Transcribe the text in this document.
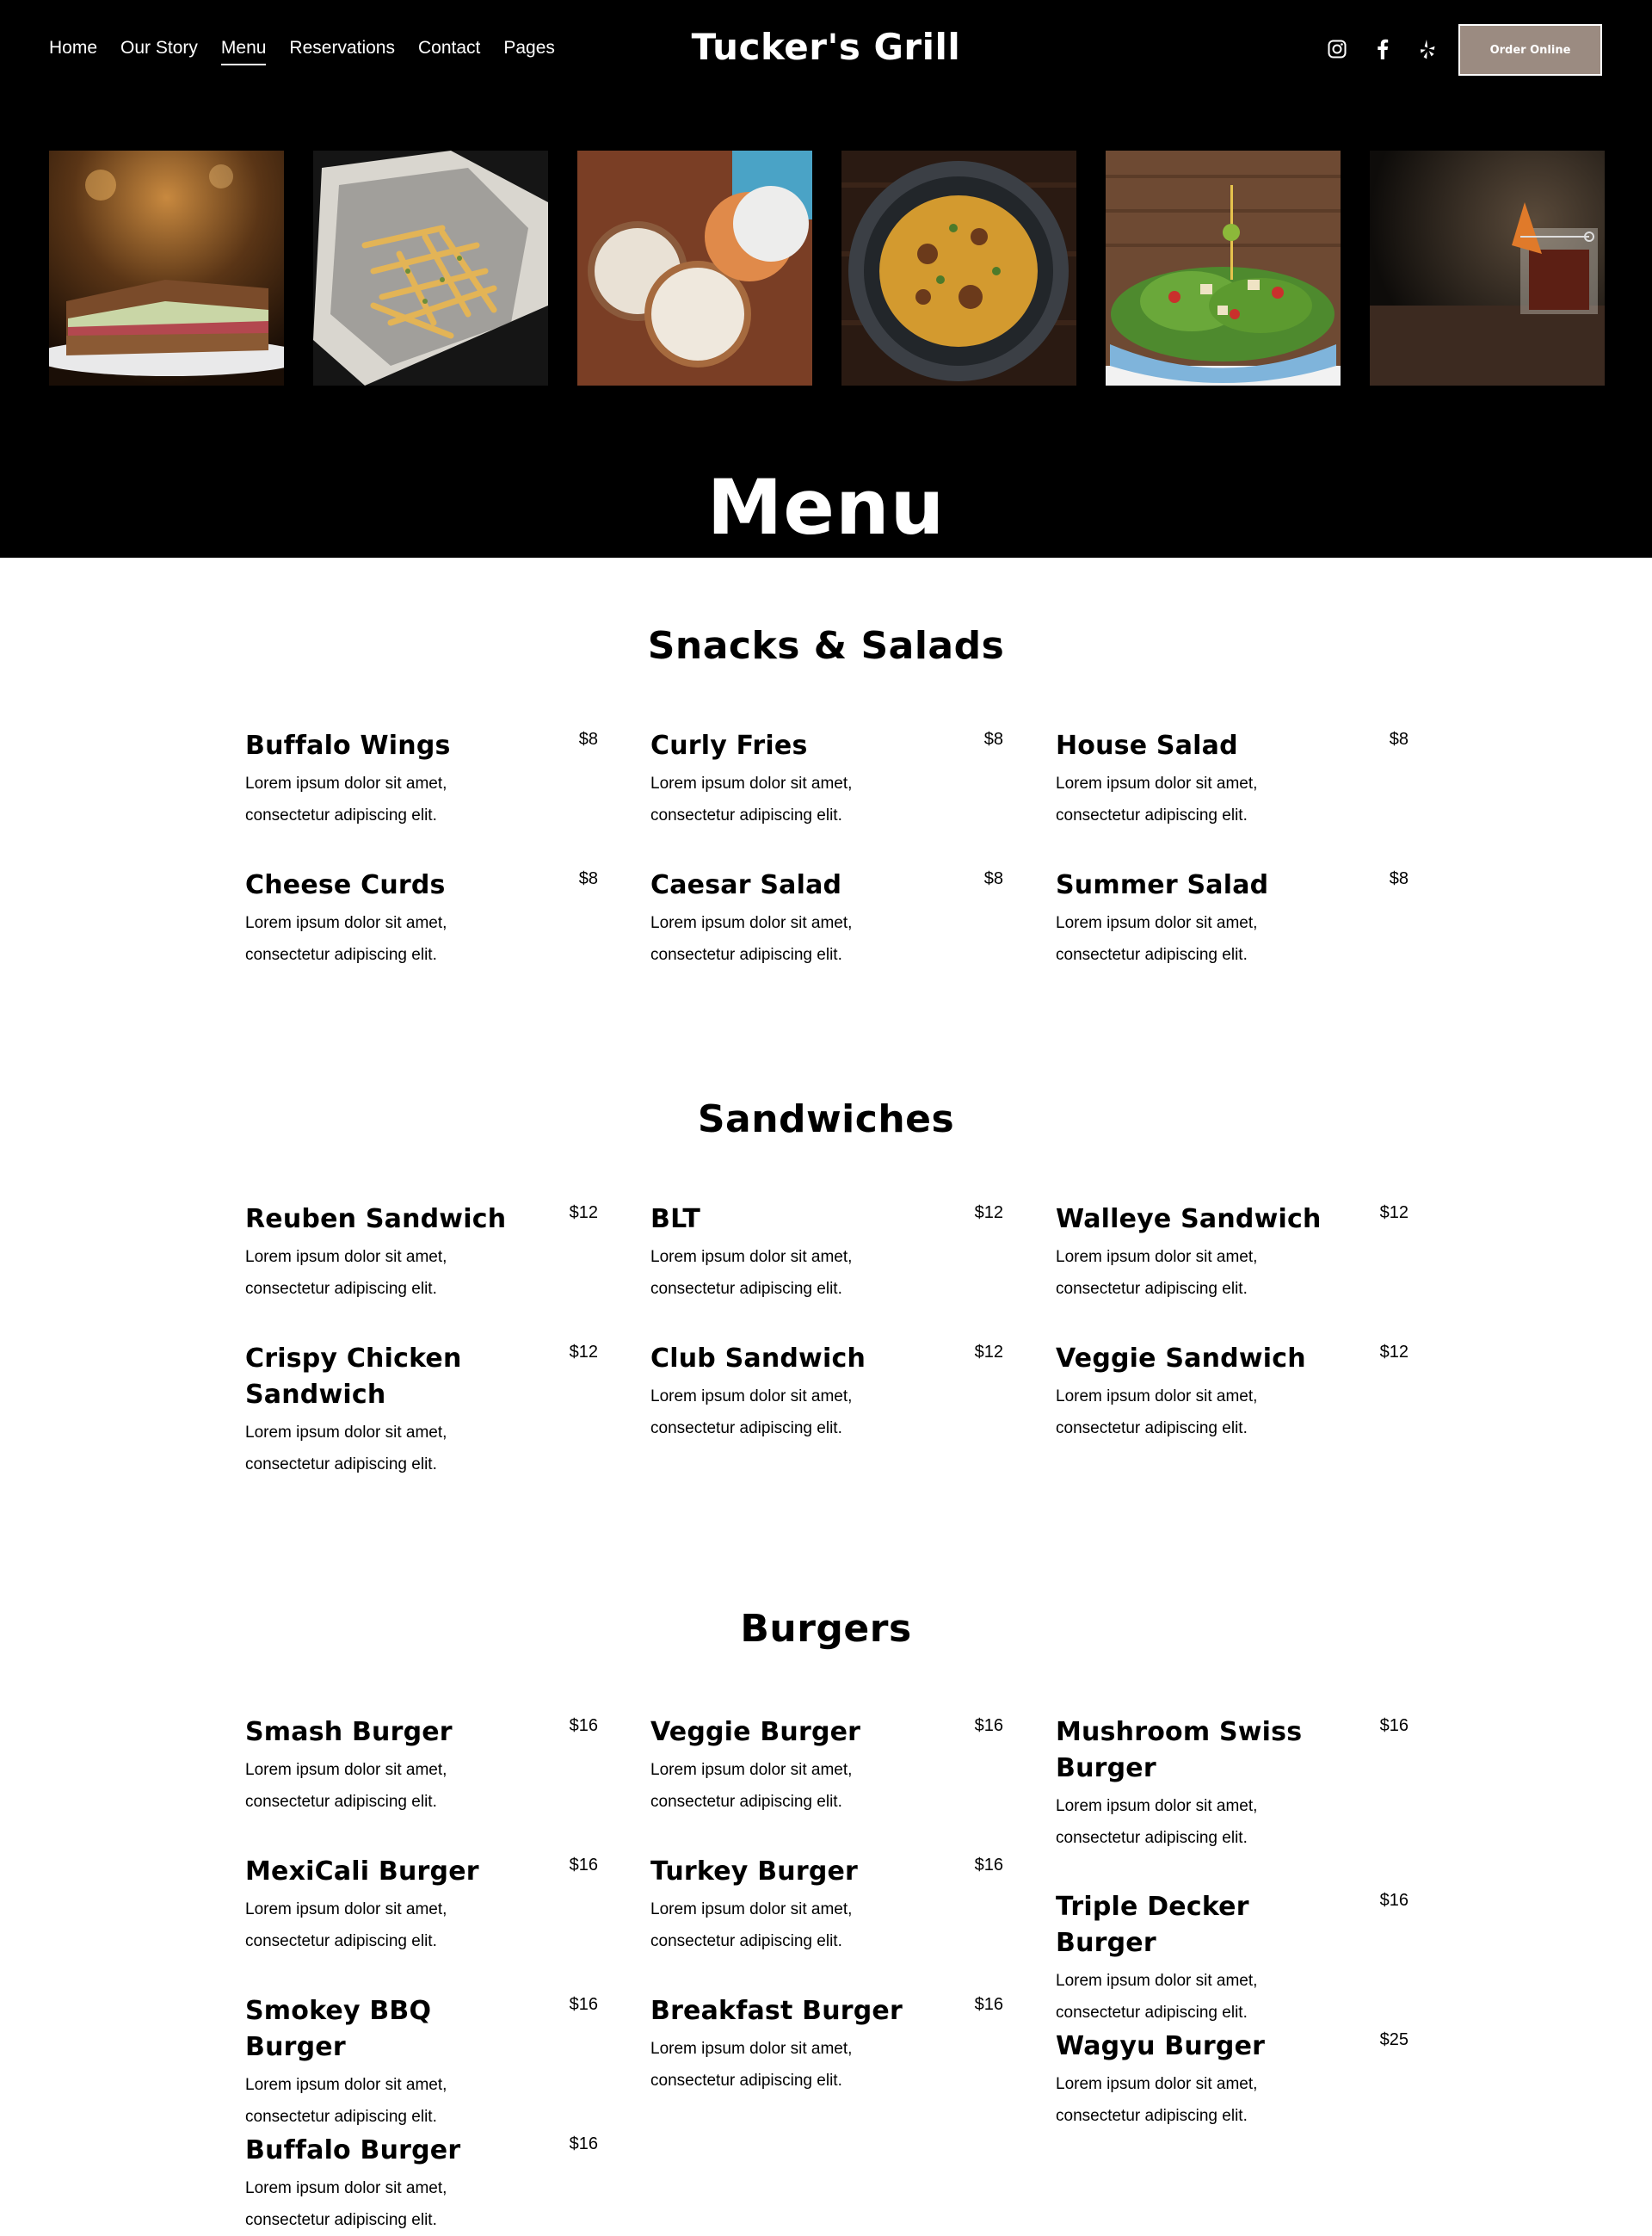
Home Our Story Menu Reservations Contact Pages	Tucker's Grill	Order Online
Menu
Snacks & Salads
Buffalo Wings	$8
Lorem ipsum dolor sit amet, consectetur adipiscing elit.
Cheese Curds	$8
Lorem ipsum dolor sit amet, consectetur adipiscing elit.
Curly Fries	$8
Lorem ipsum dolor sit amet, consectetur adipiscing elit.
Caesar Salad	$8
Lorem ipsum dolor sit amet, consectetur adipiscing elit.
House Salad	$8
Lorem ipsum dolor sit amet, consectetur adipiscing elit.
Summer Salad	$8
Lorem ipsum dolor sit amet, consectetur adipiscing elit.
Sandwiches
Reuben Sandwich	$12
Lorem ipsum dolor sit amet, consectetur adipiscing elit.
Crispy Chicken Sandwich
$12
Lorem ipsum dolor sit amet, consectetur adipiscing elit.
BLT	$12
Lorem ipsum dolor sit amet, consectetur adipiscing elit.
Club Sandwich	$12
Lorem ipsum dolor sit amet, consectetur adipiscing elit.
Walleye Sandwich	$12
Lorem ipsum dolor sit amet, consectetur adipiscing elit.
Veggie Sandwich	$12
Lorem ipsum dolor sit amet, consectetur adipiscing elit.
Burgers
Smash Burger	$16
Lorem ipsum dolor sit amet, consectetur adipiscing elit.
MexiCali Burger	$16
Lorem ipsum dolor sit amet, consectetur adipiscing elit.
Smokey BBQ Burger
$16
Lorem ipsum dolor sit amet, consectetur adipiscing elit.
Buffalo Burger	$16
Lorem ipsum dolor sit amet, consectetur adipiscing elit.
Veggie Burger	$16
Lorem ipsum dolor sit amet, consectetur adipiscing elit.
Turkey Burger	$16
Lorem ipsum dolor sit amet, consectetur adipiscing elit.
Breakfast Burger	$16
Lorem ipsum dolor sit amet, consectetur adipiscing elit.
Mushroom Swiss Burger
$16
Lorem ipsum dolor sit amet, consectetur adipiscing elit.
Triple Decker Burger
$16
Lorem ipsum dolor sit amet, consectetur adipiscing elit.
Wagyu Burger	$25
Lorem ipsum dolor sit amet, consectetur adipiscing elit.
